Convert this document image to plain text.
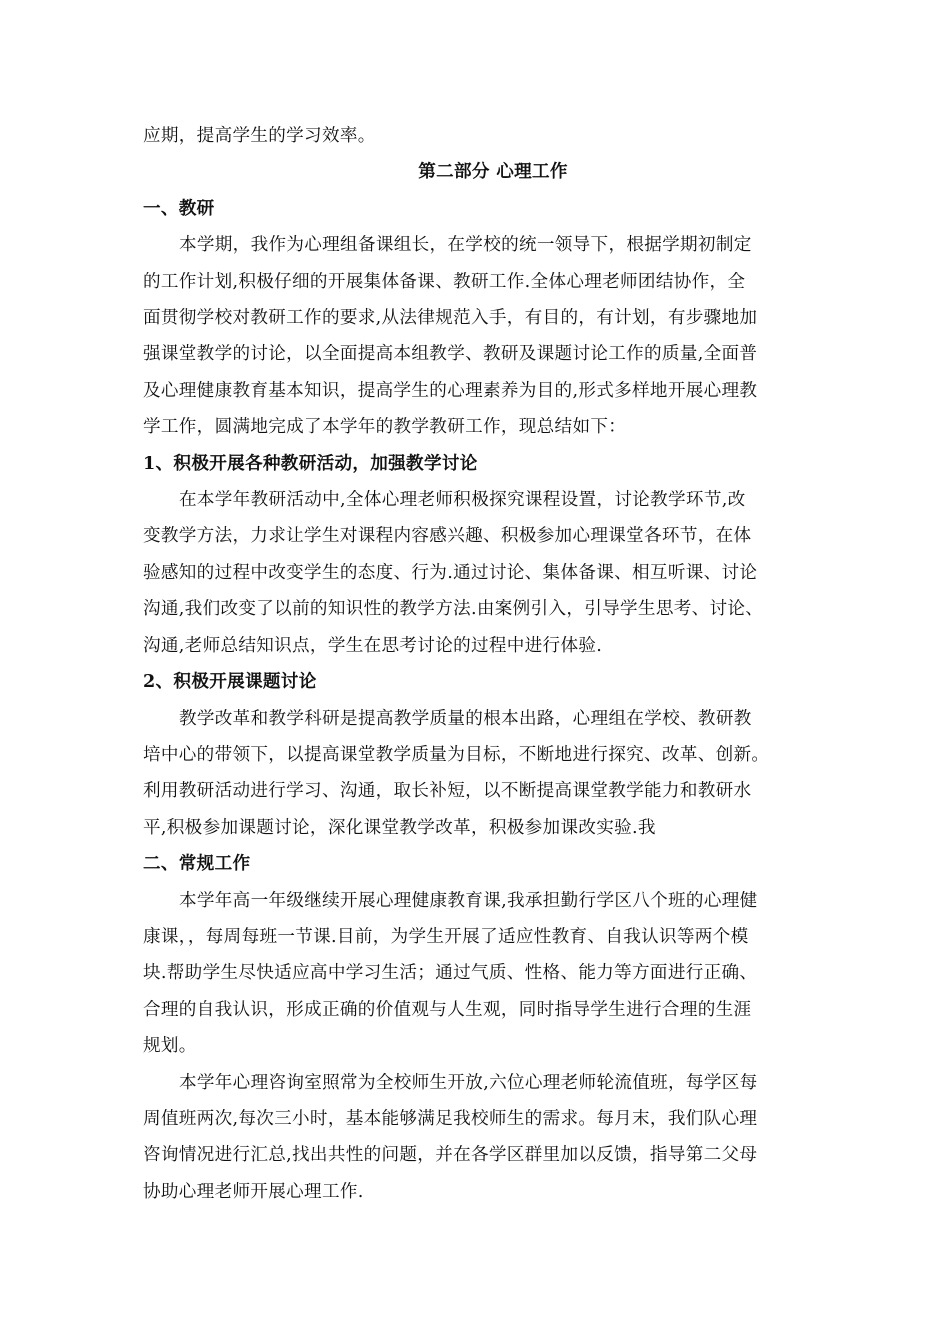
应期，提高学生的学习效率。
第二部分 心理工作
一、教研
本学期，我作为心理组备课组长，在学校的统一领导下，根据学期初制定
的工作计划,积极仔细的开展集体备课、教研工作.全体心理老师团结协作，全
面贯彻学校对教研工作的要求,从法律规范入手，有目的，有计划，有步骤地加
强课堂教学的讨论，以全面提高本组教学、教研及课题讨论工作的质量,全面普
及心理健康教育基本知识，提高学生的心理素养为目的,形式多样地开展心理教
学工作，圆满地完成了本学年的教学教研工作，现总结如下：
1、积极开展各种教研活动，加强教学讨论
在本学年教研活动中,全体心理老师积极探究课程设置，讨论教学环节,改
变教学方法，力求让学生对课程内容感兴趣、积极参加心理课堂各环节，在体
验感知的过程中改变学生的态度、行为.通过讨论、集体备课、相互听课、讨论
沟通,我们改变了以前的知识性的教学方法.由案例引入，引导学生思考、讨论、
沟通,老师总结知识点，学生在思考讨论的过程中进行体验.
2、积极开展课题讨论
教学改革和教学科研是提高教学质量的根本出路，心理组在学校、教研教
培中心的带领下，以提高课堂教学质量为目标，不断地进行探究、改革、创新。
利用教研活动进行学习、沟通，取长补短，以不断提高课堂教学能力和教研水
平,积极参加课题讨论，深化课堂教学改革，积极参加课改实验.我
二、常规工作
本学年高一年级继续开展心理健康教育课,我承担勤行学区八个班的心理健
康课，，每周每班一节课.目前，为学生开展了适应性教育、自我认识等两个模
块.帮助学生尽快适应高中学习生活；通过气质、性格、能力等方面进行正确、
合理的自我认识，形成正确的价值观与人生观，同时指导学生进行合理的生涯
规划。
本学年心理咨询室照常为全校师生开放,六位心理老师轮流值班，每学区每
周值班两次,每次三小时，基本能够满足我校师生的需求。每月末，我们队心理
咨询情况进行汇总,找出共性的问题，并在各学区群里加以反馈，指导第二父母
协助心理老师开展心理工作.
